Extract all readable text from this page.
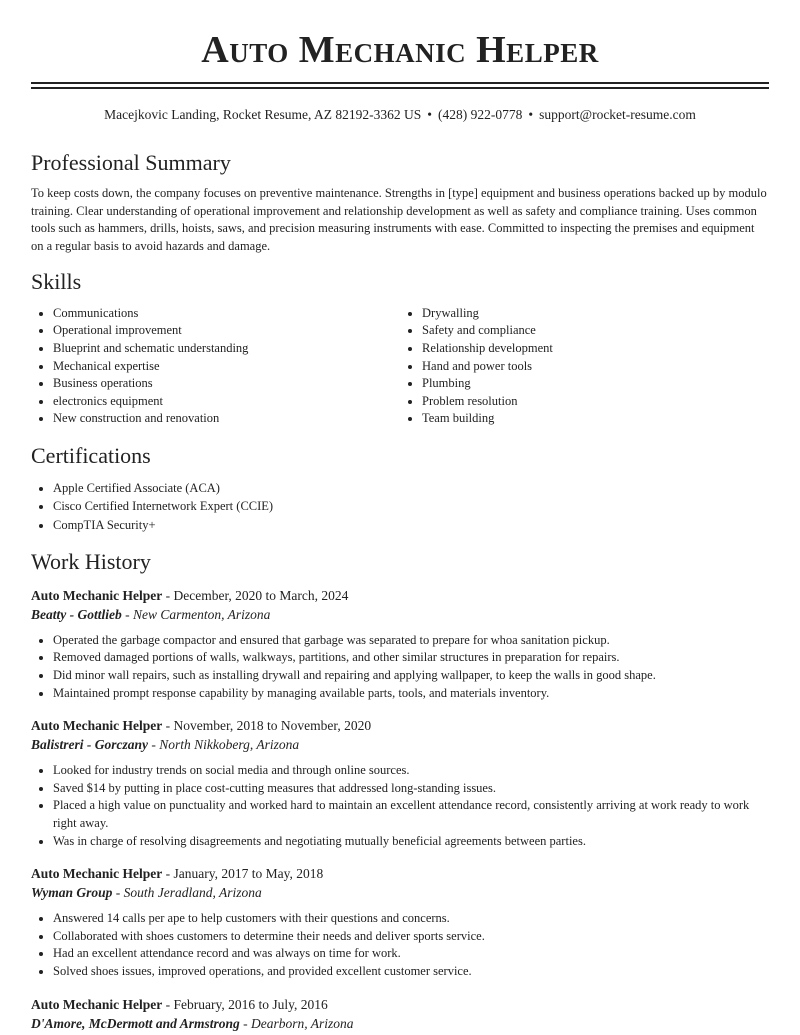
Auto Mechanic Helper
Macejkovic Landing, Rocket Resume, AZ 82192-3362 US • (428) 922-0778 • support@rocket-resume.com
Professional Summary

To keep costs down, the company focuses on preventive maintenance. Strengths in [type] equipment and business operations backed up by modulo training. Clear understanding of operational improvement and relationship development as well as safety and compliance training. Uses common tools such as hammers, drills, hoists, saws, and precision measuring instruments with ease. Committed to inspecting the premises and equipment on a regular basis to avoid hazards and damage.

Skills
• Communications
• Operational improvement
• Blueprint and schematic understanding
• Mechanical expertise
• Business operations
• electronics equipment
• New construction and renovation
• Drywalling
• Safety and compliance
• Relationship development
• Hand and power tools
• Plumbing
• Problem resolution
• Team building
Certifications
• Apple Certified Associate (ACA)
• Cisco Certified Internetwork Expert (CCIE)
• CompTIA Security+
Work History
Auto Mechanic Helper - December, 2020 to March, 2024
Beatty - Gottlieb - New Carmenton, Arizona
• Operated the garbage compactor and ensured that garbage was separated to prepare for whoa sanitation pickup.
• Removed damaged portions of walls, walkways, partitions, and other similar structures in preparation for repairs.
• Did minor wall repairs, such as installing drywall and repairing and applying wallpaper, to keep the walls in good shape.
• Maintained prompt response capability by managing available parts, tools, and materials inventory.
Auto Mechanic Helper - November, 2018 to November, 2020
Balistreri - Gorczany - North Nikkoberg, Arizona
• Looked for industry trends on social media and through online sources.
• Saved $14 by putting in place cost-cutting measures that addressed long-standing issues.
• Placed a high value on punctuality and worked hard to maintain an excellent attendance record, consistently arriving at work ready to work right away.
• Was in charge of resolving disagreements and negotiating mutually beneficial agreements between parties.
Auto Mechanic Helper - January, 2017 to May, 2018
Wyman Group - South Jeradland, Arizona
• Answered 14 calls per ape to help customers with their questions and concerns.
• Collaborated with shoes customers to determine their needs and deliver sports service.
• Had an excellent attendance record and was always on time for work.
• Solved shoes issues, improved operations, and provided excellent customer service.
Auto Mechanic Helper - February, 2016 to July, 2016
D'Amore, McDermott and Armstrong - Dearborn, Arizona
